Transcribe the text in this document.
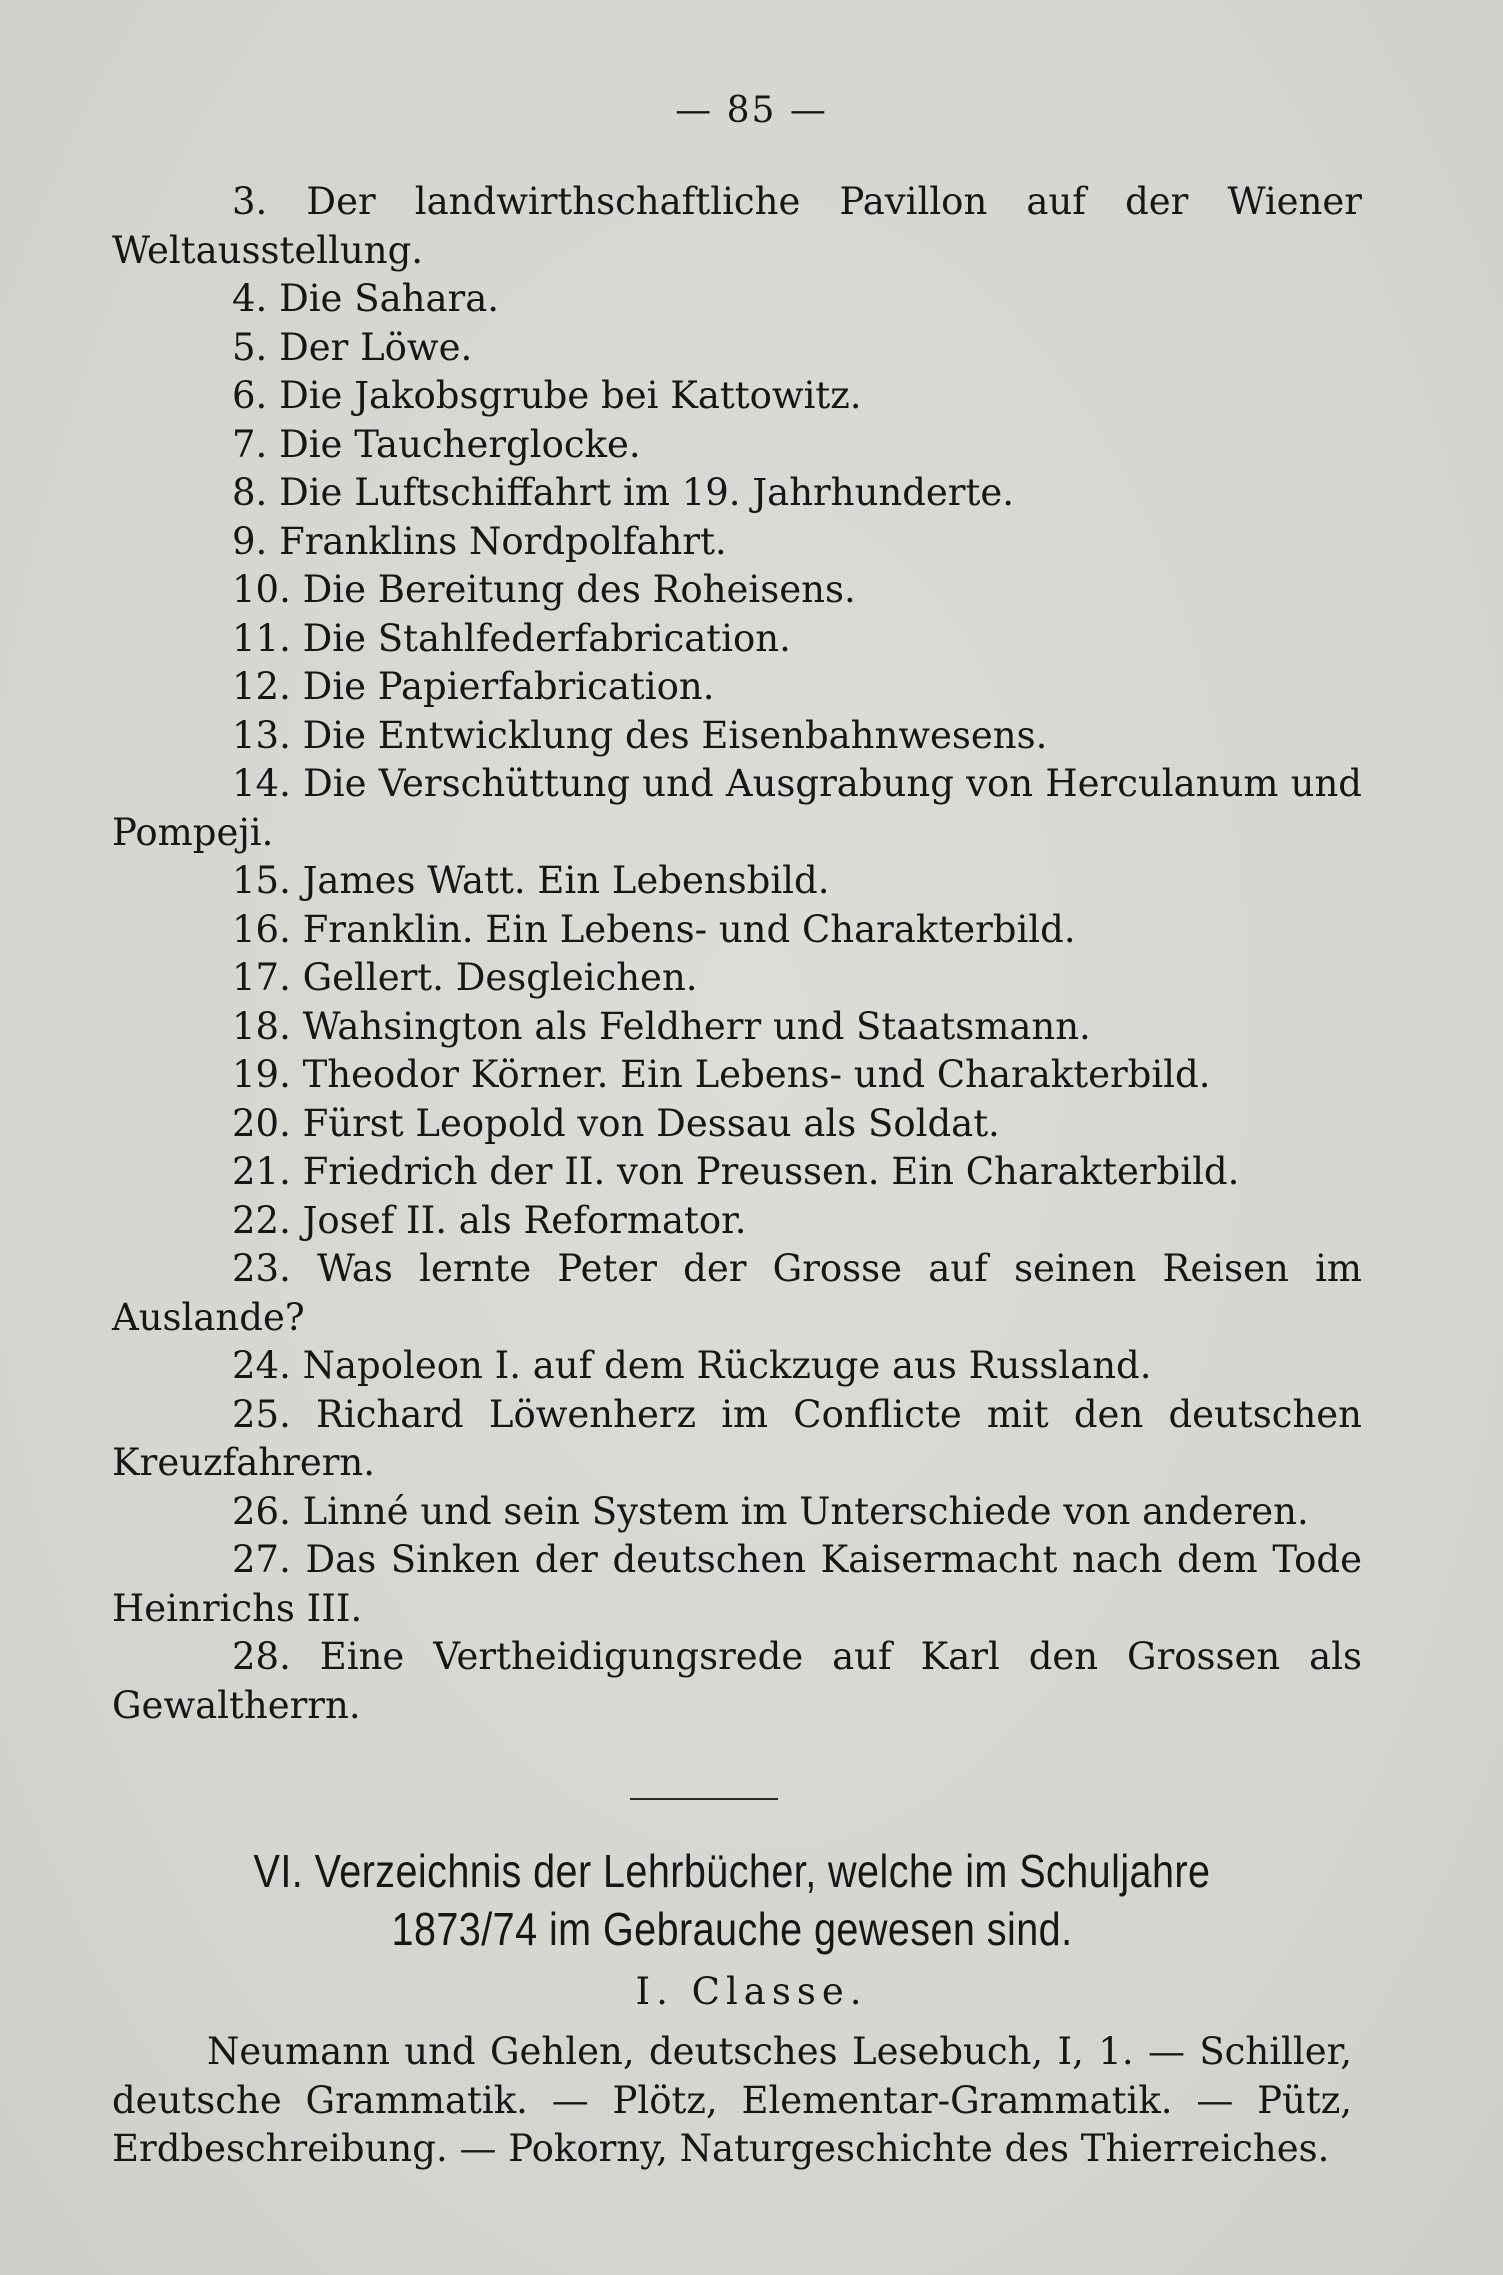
— 85 —

3. Der landwirthschaftliche Pavillon auf der Wiener Weltausstellung.

4. Die Sahara.

5. Der Löwe.

6. Die Jakobsgrube bei Kattowitz.

7. Die Taucherglocke.

8. Die Luftschiffahrt im 19. Jahrhunderte.

9. Franklins Nordpolfahrt.

10. Die Bereitung des Roheisens.

11. Die Stahlfederfabrication.

12. Die Papierfabrication.

13. Die Entwicklung des Eisenbahnwesens.

14. Die Verschüttung und Ausgrabung von Herculanum und Pompeji.

15. James Watt. Ein Lebensbild.

16. Franklin. Ein Lebens- und Charakterbild.

17. Gellert. Desgleichen.

18. Wahsington als Feldherr und Staatsmann.

19. Theodor Körner. Ein Lebens- und Charakterbild.

20. Fürst Leopold von Dessau als Soldat.

21. Friedrich der II. von Preussen. Ein Charakterbild.

22. Josef II. als Reformator.

23. Was lernte Peter der Grosse auf seinen Reisen im Auslande?

24. Napoleon I. auf dem Rückzuge aus Russland.

25. Richard Löwenherz im Conflicte mit den deutschen Kreuzfahrern.

26. Linné und sein System im Unterschiede von anderen.

27. Das Sinken der deutschen Kaisermacht nach dem Tode Heinrichs III.

28. Eine Vertheidigungsrede auf Karl den Grossen als Gewaltherrn.

VI. Verzeichnis der Lehrbücher, welche im Schuljahre 1873/74 im Gebrauche gewesen sind.
I. Classe.

Neumann und Gehlen, deutsches Lesebuch, I, 1. — Schiller, deutsche Grammatik. — Plötz, Elementar-Grammatik. — Pütz, Erdbeschreibung. — Pokorny, Naturgeschichte des Thierreiches.
